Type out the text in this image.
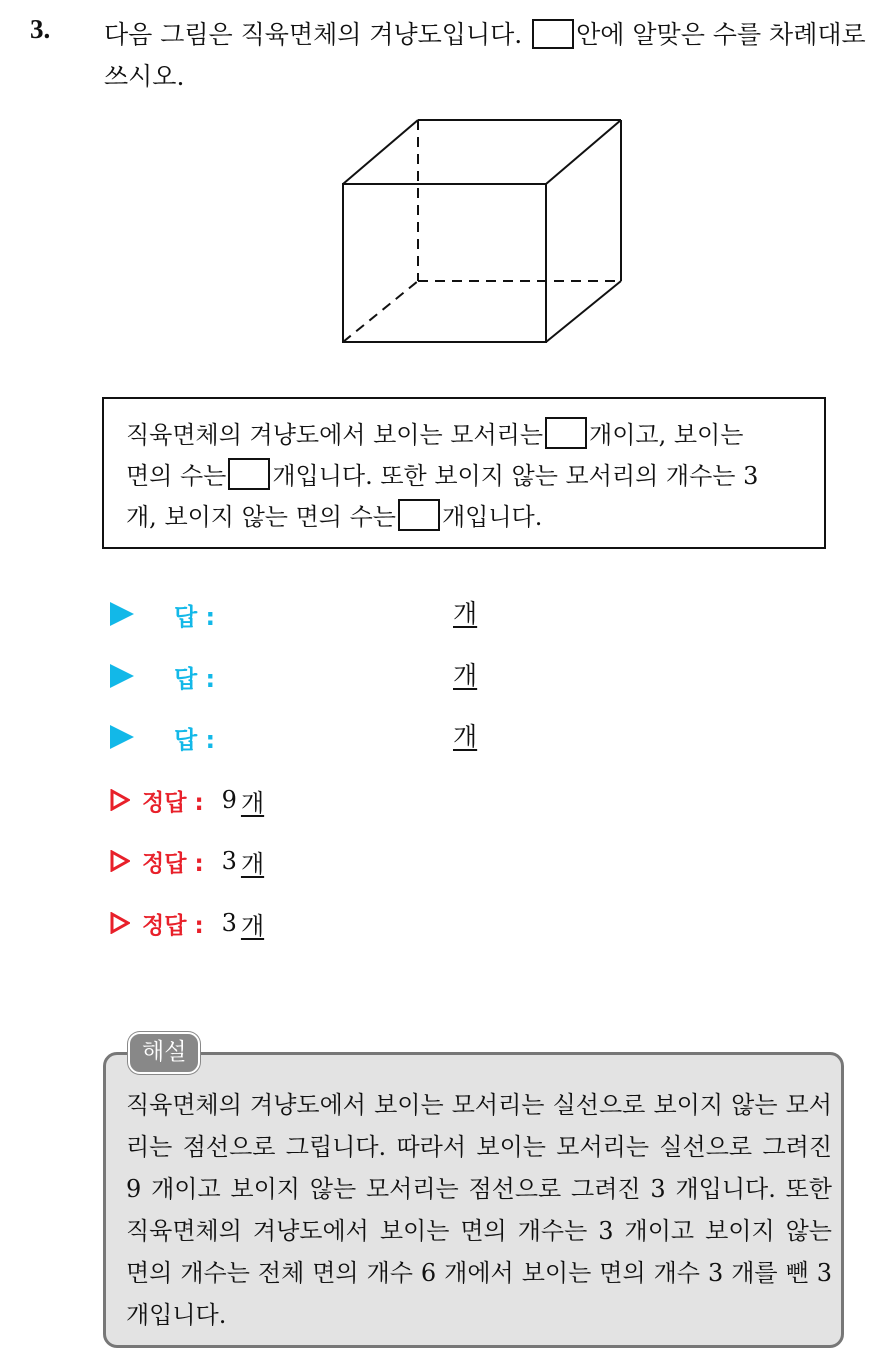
3. 다음 그림은 직육면체의 겨냥도입니다. 안에 알맞은 수를 차례대로 쓰시오.
직육면체의 겨냥도에서 보이는 모서리는 개이고, 보이는
면의 수는 개입니다. 또한 보이지 않는 모서리의 개수는 3
개, 보이지 않는 면의 수는 개입니다.
답 :	개
답 :	개
답 :	개
정답 : 9 개
정답 : 3 개
정답 : 3 개
해설
직육면체의 겨냥도에서 보이는 모서리는 실선으로 보이지 않는 모서리는 점선으로 그립니다. 따라서 보이는 모서리는 실선으로 그려진 9 개이고 보이지 않는 모서리는 점선으로 그려진 3 개입니다. 또한 직육면체의 겨냥도에서 보이는 면의 개수는 3 개이고 보이지 않는 면의 개수는 전체 면의 개수 6 개에서 보이는 면의 개수 3 개를 뺀 3 개입니다.
